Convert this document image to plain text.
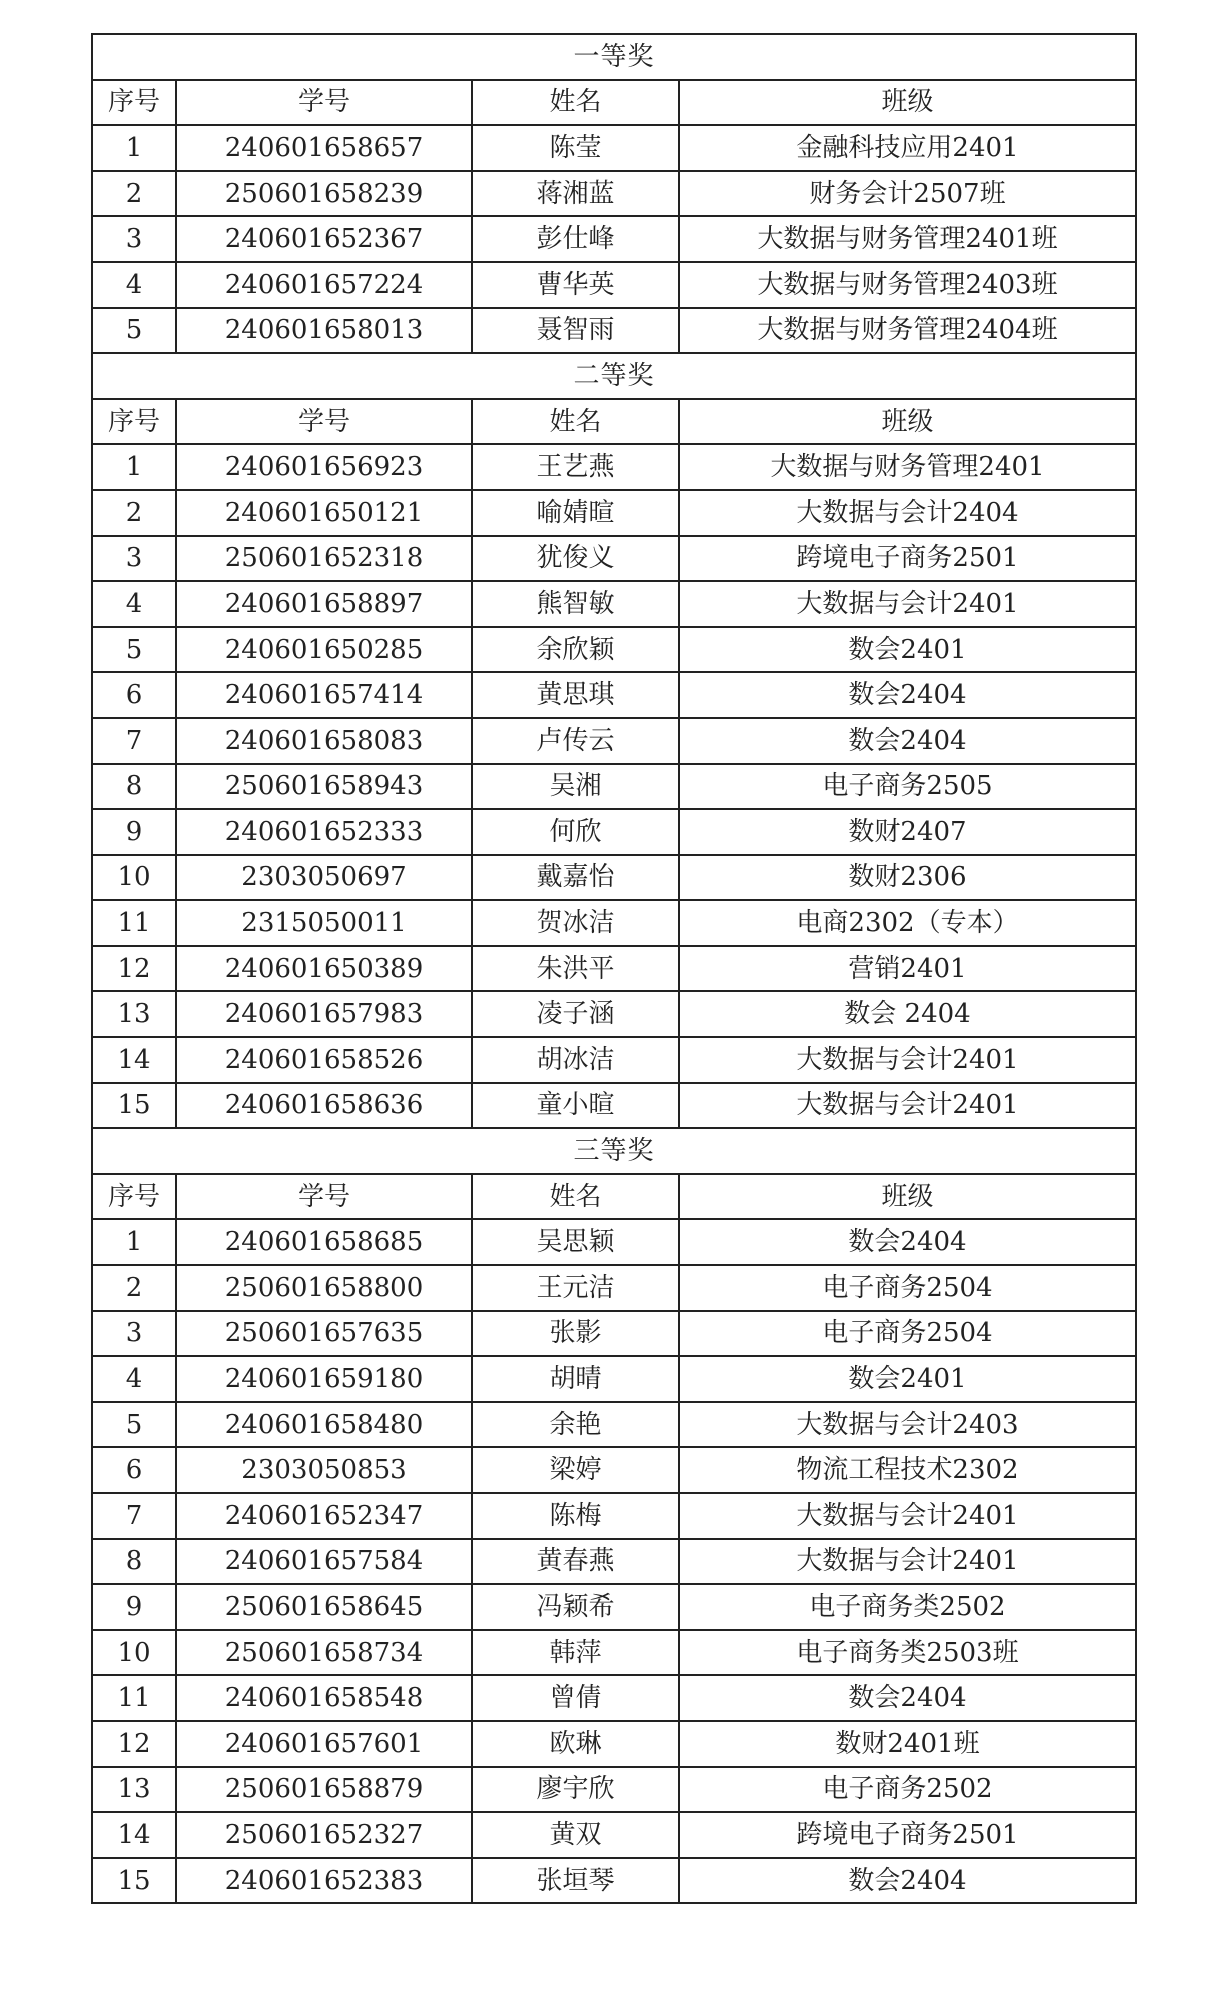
一等奖			
序号	学号	姓名	班级
1	240601658657	陈莹	金融科技应用2401
2	250601658239	蒋湘蓝	财务会计2507班
3	240601652367	彭仕峰	大数据与财务管理2401班
4	240601657224	曹华英	大数据与财务管理2403班
5	240601658013	聂智雨	大数据与财务管理2404班
二等奖			
序号	学号	姓名	班级
1	240601656923	王艺燕	大数据与财务管理2401
2	240601650121	喻婧暄	大数据与会计2404
3	250601652318	犹俊义	跨境电子商务2501
4	240601658897	熊智敏	大数据与会计2401
5	240601650285	余欣颖	数会2401
6	240601657414	黄思琪	数会2404
7	240601658083	卢传云	数会2404
8	250601658943	吴湘	电子商务2505
9	240601652333	何欣	数财2407
10	2303050697	戴嘉怡	数财2306
11	2315050011	贺冰洁	电商2302（专本）
12	240601650389	朱洪平	营销2401
13	240601657983	凌子涵	数会 2404
14	240601658526	胡冰洁	大数据与会计2401
15	240601658636	童小暄	大数据与会计2401
三等奖			
序号	学号	姓名	班级
1	240601658685	吴思颖	数会2404
2	250601658800	王元洁	电子商务2504
3	250601657635	张影	电子商务2504
4	240601659180	胡晴	数会2401
5	240601658480	余艳	大数据与会计2403
6	2303050853	梁婷	物流工程技术2302
7	240601652347	陈梅	大数据与会计2401
8	240601657584	黄春燕	大数据与会计2401
9	250601658645	冯颖希	电子商务类2502
10	250601658734	韩萍	电子商务类2503班
11	240601658548	曾倩	数会2404
12	240601657601	欧琳	数财2401班
13	250601658879	廖宇欣	电子商务2502
14	250601652327	黄双	跨境电子商务2501
15	240601652383	张垣琴	数会2404
